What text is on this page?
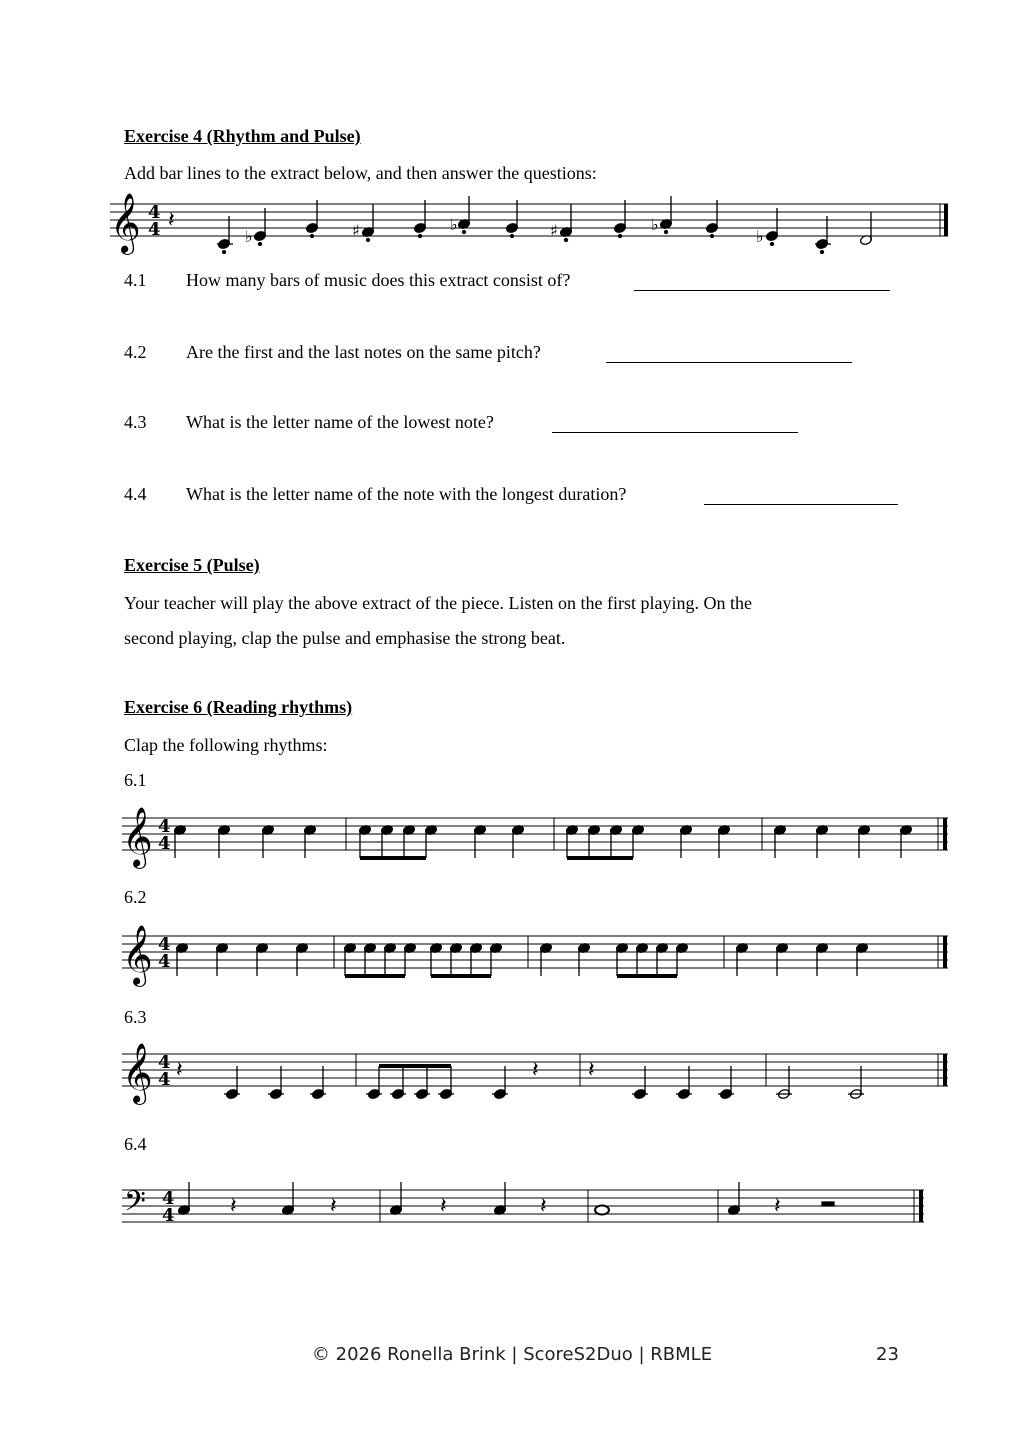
Exercise 4 (Rhythm and Pulse)
Add bar lines to the extract below, and then answer the questions:
𝄞 4
4 𝄽
♭	♯	♭	♯	♭
♭
4.1 How many bars of music does this extract consist of?
4.2 Are the first and the last notes on the same pitch?
4.3 What is the letter name of the lowest note?
4.4 What is the letter name of the note with the longest duration?
Exercise 5 (Pulse)
Your teacher will play the above extract of the piece. Listen on the first playing. On the
second playing, clap the pulse and emphasise the strong beat.
Exercise 6 (Reading rhythms)
Clap the following rhythms:
6.1
𝄞 4
4
6.2
𝄞 4
4
6.3
𝄞 4
4 𝄽	𝄽 𝄽
6.4
𝄢 4
4	𝄽	𝄽	𝄽	𝄽	𝄽
© 2026 Ronella Brink | ScoreS2Duo | RBMLE	23
